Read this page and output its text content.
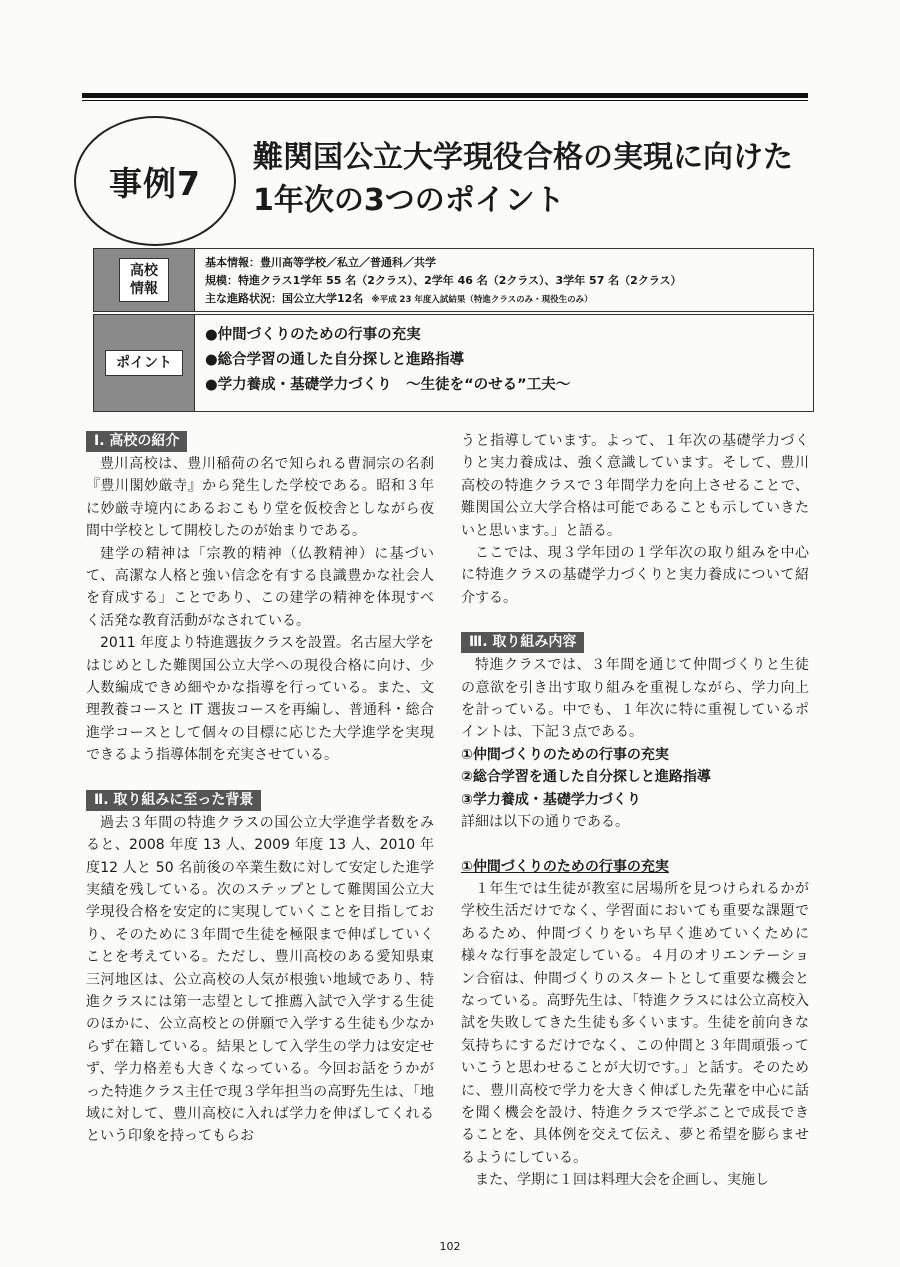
事例7
難関国公立大学現役合格の実現に向けた
1年次の3つのポイント
高校
情報
基本情報：豊川高等学校／私立／普通科／共学
規模：特進クラス1学年 55 名（2クラス）、2学年 46 名（2クラス）、3学年 57 名（2クラス）
主な進路状況：国公立大学12名 ※平成 23 年度入試結果（特進クラスのみ・現役生のみ）
ポイント
●仲間づくりのための行事の充実
●総合学習の通した自分探しと進路指導
●学力養成・基礎学力づくり　～生徒を“のせる”工夫～
Ⅰ. 高校の紹介

豊川高校は、豊川稲荷の名で知られる曹洞宗の名刹『豊川閣妙厳寺』から発生した学校である。昭和３年に妙厳寺境内にあるおこもり堂を仮校舎としながら夜間中学校として開校したのが始まりである。

建学の精神は「宗教的精神（仏教精神）に基づいて、高潔な人格と強い信念を有する良識豊かな社会人を育成する」ことであり、この建学の精神を体現すべく活発な教育活動がなされている。

2011 年度より特進選抜クラスを設置。名古屋大学をはじめとした難関国公立大学への現役合格に向け、少人数編成できめ細やかな指導を行っている。また、文理教養コースと IT 選抜コースを再編し、普通科・総合進学コースとして個々の目標に応じた大学進学を実現できるよう指導体制を充実させている。

Ⅱ. 取り組みに至った背景

過去３年間の特進クラスの国公立大学進学者数をみると、2008 年度 13 人、2009 年度 13 人、2010 年度12 人と 50 名前後の卒業生数に対して安定した進学実績を残している。次のステップとして難関国公立大学現役合格を安定的に実現していくことを目指しており、そのために３年間で生徒を極限まで伸ばしていくことを考えている。ただし、豊川高校のある愛知県東三河地区は、公立高校の人気が根強い地域であり、特進クラスには第一志望として推薦入試で入学する生徒のほかに、公立高校との併願で入学する生徒も少なからず在籍している。結果として入学生の学力は安定せず、学力格差も大きくなっている。今回お話をうかがった特進クラス主任で現３学年担当の高野先生は、「地域に対して、豊川高校に入れば学力を伸ばしてくれるという印象を持ってもらお

うと指導しています。よって、１年次の基礎学力づくりと実力養成は、強く意識しています。そして、豊川高校の特進クラスで３年間学力を向上させることで、難関国公立大学合格は可能であることも示していきたいと思います。」と語る。

ここでは、現３学年団の１学年次の取り組みを中心に特進クラスの基礎学力づくりと実力養成について紹介する。

Ⅲ. 取り組み内容

特進クラスでは、３年間を通じて仲間づくりと生徒の意欲を引き出す取り組みを重視しながら、学力向上を計っている。中でも、１年次に特に重視しているポイントは、下記３点である。

①仲間づくりのための行事の充実

②総合学習を通した自分探しと進路指導

③学力養成・基礎学力づくり

詳細は以下の通りである。

①仲間づくりのための行事の充実

１年生では生徒が教室に居場所を見つけられるかが学校生活だけでなく、学習面においても重要な課題であるため、仲間づくりをいち早く進めていくために様々な行事を設定している。４月のオリエンテーション合宿は、仲間づくりのスタートとして重要な機会となっている。高野先生は、「特進クラスには公立高校入試を失敗してきた生徒も多くいます。生徒を前向きな気持ちにするだけでなく、この仲間と３年間頑張っていこうと思わせることが大切です。」と話す。そのために、豊川高校で学力を大きく伸ばした先輩を中心に話を聞く機会を設け、特進クラスで学ぶことで成長できることを、具体例を交えて伝え、夢と希望を膨らませるようにしている。

また、学期に１回は料理大会を企画し、実施し

102
